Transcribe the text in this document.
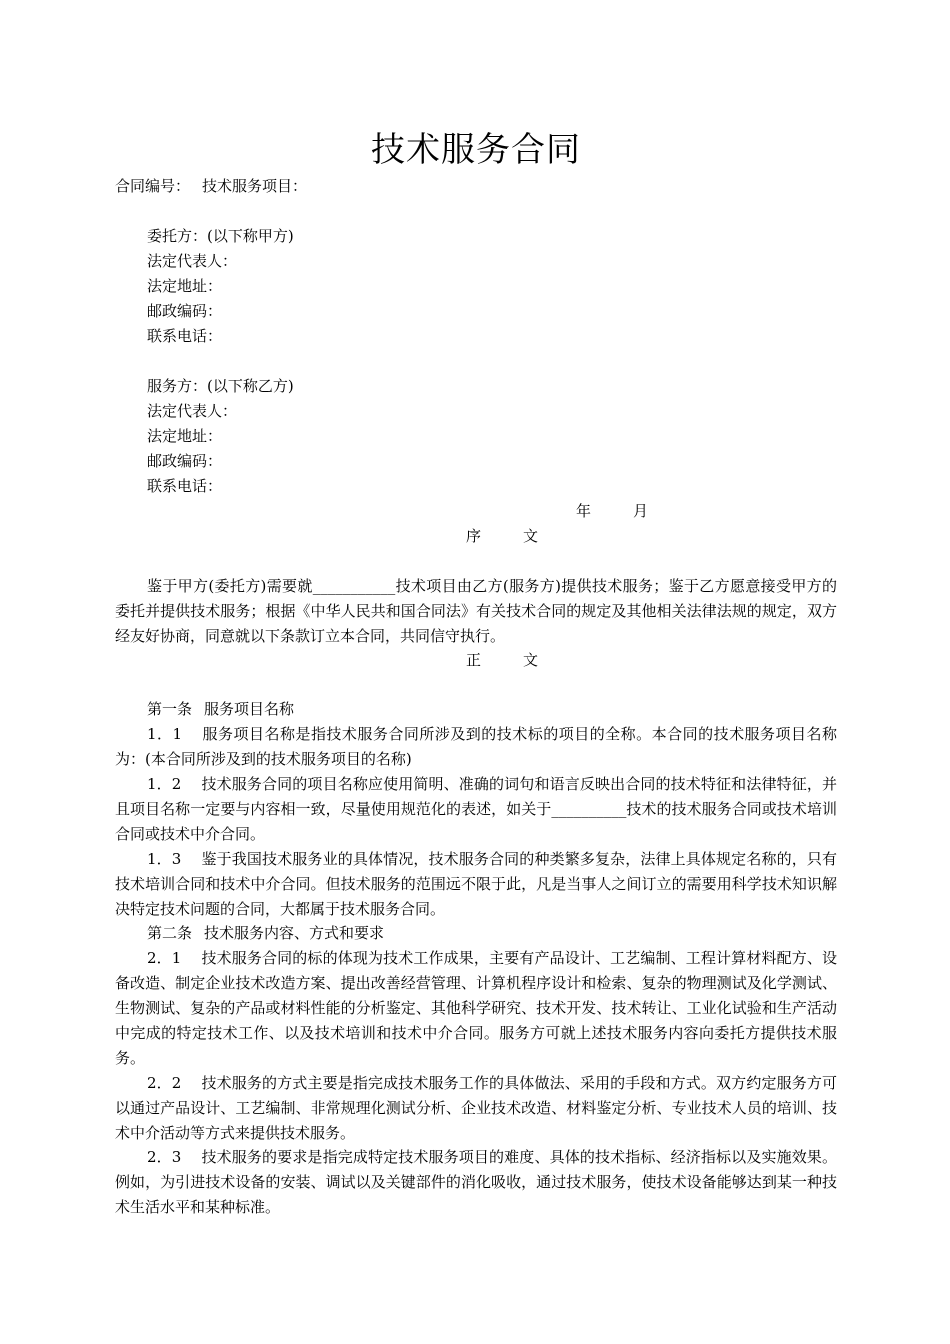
技术服务合同
合同编号： 技术服务项目：
委托方：(以下称甲方)
法定代表人：
法定地址：
邮政编码：
联系电话：
服务方：(以下称乙方)
法定代表人：
法定地址：
邮政编码：
联系电话：
年	月
序	文
鉴于甲方(委托方)需要就___________技术项目由乙方(服务方)提供技术服务；鉴于乙方愿意接受甲方的委托并提供技术服务；根据《中华人民共和国合同法》有关技术合同的规定及其他相关法律法规的规定，双方经友好协商，同意就以下条款订立本合同，共同信守执行。
正	文
第一条 服务项目名称
1．1 服务项目名称是指技术服务合同所涉及到的技术标的项目的全称。本合同的技术服务项目名称为：(本合同所涉及到的技术服务项目的名称)
1．2 技术服务合同的项目名称应使用简明、准确的词句和语言反映出合同的技术特征和法律特征，并且项目名称一定要与内容相一致，尽量使用规范化的表述，如关于__________技术的技术服务合同或技术培训合同或技术中介合同。
1．3 鉴于我国技术服务业的具体情况，技术服务合同的种类繁多复杂，法律上具体规定名称的，只有技术培训合同和技术中介合同。但技术服务的范围远不限于此，凡是当事人之间订立的需要用科学技术知识解决特定技术问题的合同，大都属于技术服务合同。
第二条 技术服务内容、方式和要求
2．1 技术服务合同的标的体现为技术工作成果，主要有产品设计、工艺编制、工程计算材料配方、设备改造、制定企业技术改造方案、提出改善经营管理、计算机程序设计和检索、复杂的物理测试及化学测试、生物测试、复杂的产品或材料性能的分析鉴定、其他科学研究、技术开发、技术转让、工业化试验和生产活动中完成的特定技术工作、以及技术培训和技术中介合同。服务方可就上述技术服务内容向委托方提供技术服务。
2．2 技术服务的方式主要是指完成技术服务工作的具体做法、采用的手段和方式。双方约定服务方可以通过产品设计、工艺编制、非常规理化测试分析、企业技术改造、材料鉴定分析、专业技术人员的培训、技术中介活动等方式来提供技术服务。
2．3 技术服务的要求是指完成特定技术服务项目的难度、具体的技术指标、经济指标以及实施效果。例如，为引进技术设备的安装、调试以及关键部件的消化吸收，通过技术服务，使技术设备能够达到某一种技术生活水平和某种标准。
